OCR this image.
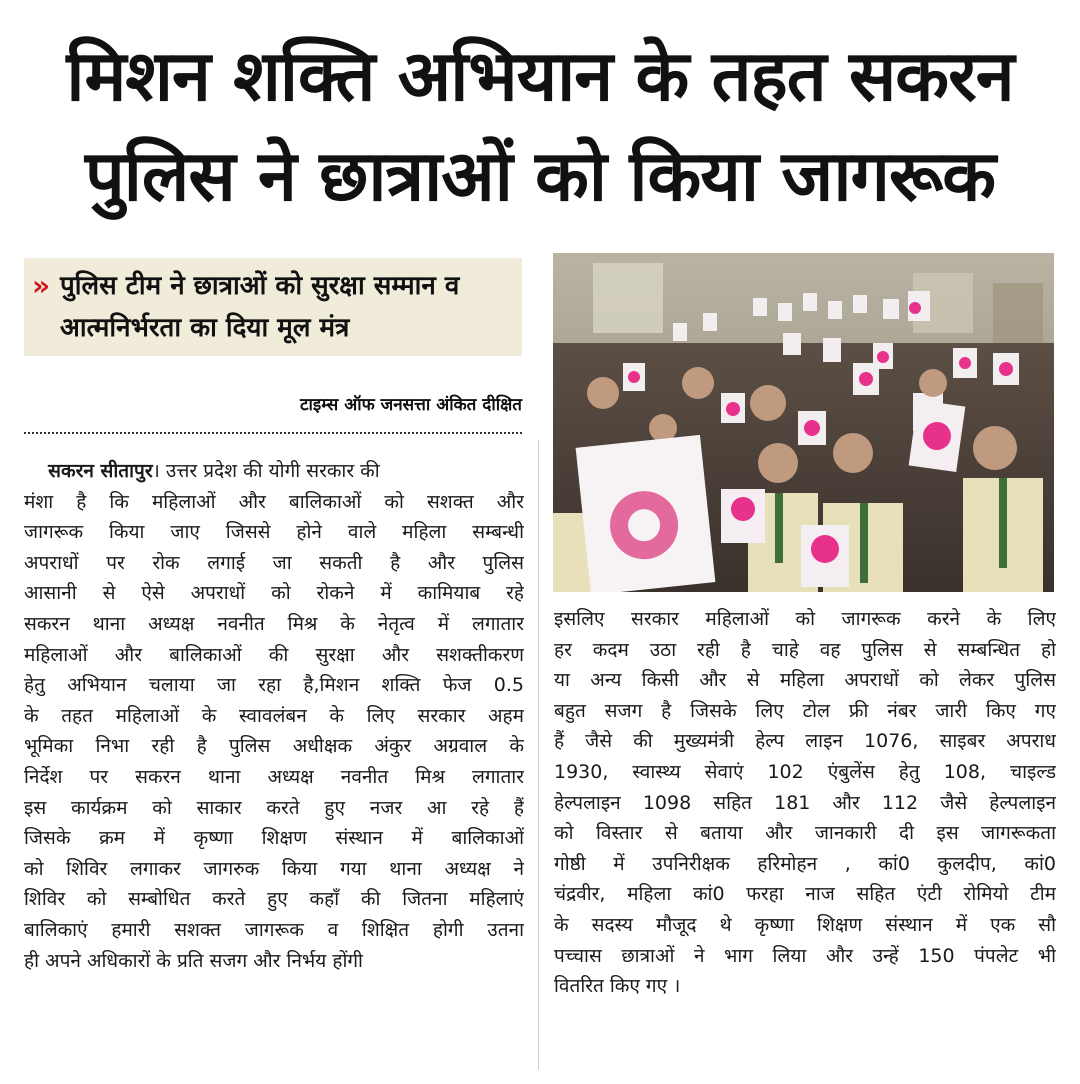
मिशन शक्ति अभियान के तहत सकरन
पुलिस ने छात्राओं को किया जागरूक
» पुलिस टीम ने छात्राओं को सुरक्षा सम्मान व
आत्मनिर्भरता का दिया मूल मंत्र
टाइम्स ऑफ जनसत्ता अंकित दीक्षित
सकरन सीतापुर। उत्तर प्रदेश की योगी सरकार की
मंशा है कि महिलाओं और बालिकाओं को सशक्त और
जागरूक किया जाए जिससे होने वाले महिला सम्बन्धी
अपराधों पर रोक लगाई जा सकती है और पुलिस
आसानी से ऐसे अपराधों को रोकने में कामियाब रहे
सकरन थाना अध्यक्ष नवनीत मिश्र के नेतृत्व में लगातार
महिलाओं और बालिकाओं की सुरक्षा और सशक्तीकरण
हेतु अभियान चलाया जा रहा है,मिशन शक्ति फेज 0.5
के तहत महिलाओं के स्वावलंबन के लिए सरकार अहम
भूमिका निभा रही है पुलिस अधीक्षक अंकुर अग्रवाल के
निर्देश पर सकरन थाना अध्यक्ष नवनीत मिश्र लगातार
इस कार्यक्रम को साकार करते हुए नजर आ रहे हैं
जिसके क्रम में कृष्णा शिक्षण संस्थान में बालिकाओं
को शिविर लगाकर जागरुक किया गया थाना अध्यक्ष ने
शिविर को सम्बोधित करते हुए कहाँ की जितना महिलाएं
बालिकाएं हमारी सशक्त जागरूक व शिक्षित होगी उतना
ही अपने अधिकारों के प्रति सजग और निर्भय होंगी
इसलिए सरकार महिलाओं को जागरूक करने के लिए
हर कदम उठा रही है चाहे वह पुलिस से सम्बन्धित हो
या अन्य किसी और से महिला अपराधों को लेकर पुलिस
बहुत सजग है जिसके लिए टोल फ्री नंबर जारी किए गए
हैं जैसे की मुख्यमंत्री हेल्प लाइन 1076, साइबर अपराध
1930, स्वास्थ्य सेवाएं 102 एंबुलेंस हेतु 108, चाइल्ड
हेल्पलाइन 1098 सहित 181 और 112 जैसे हेल्पलाइन
को विस्तार से बताया और जानकारी दी इस जागरूकता
गोष्ठी में उपनिरीक्षक हरिमोहन , कां0 कुलदीप, कां0
चंद्रवीर, महिला कां0 फरहा नाज सहित एंटी रोमियो टीम
के सदस्य मौजूद थे कृष्णा शिक्षण संस्थान में एक सौ
पच्चास छात्राओं ने भाग लिया और उन्हें 150 पंपलेट भी
वितरित किए गए ।
